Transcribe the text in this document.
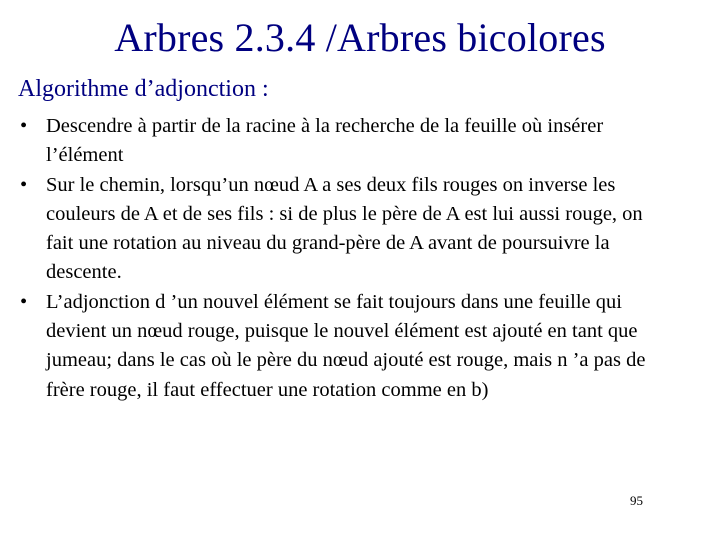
Arbres 2.3.4 /Arbres bicolores
Algorithme d’adjonction :
• Descendre à partir de la racine à la recherche de la feuille où insérer l’élément
• Sur le chemin, lorsqu’un nœud A a ses deux fils rouges on inverse les couleurs de A et de ses fils : si de plus le père de A est lui aussi rouge, on fait une rotation au niveau du grand-père de A avant de poursuivre la descente.
• L’adjonction d ’un nouvel élément se fait toujours dans une feuille qui devient un nœud rouge, puisque le nouvel élément est ajouté en tant que jumeau; dans le cas où le père du nœud ajouté est rouge, mais n ’a pas de frère rouge, il faut effectuer une rotation comme en b)
95
